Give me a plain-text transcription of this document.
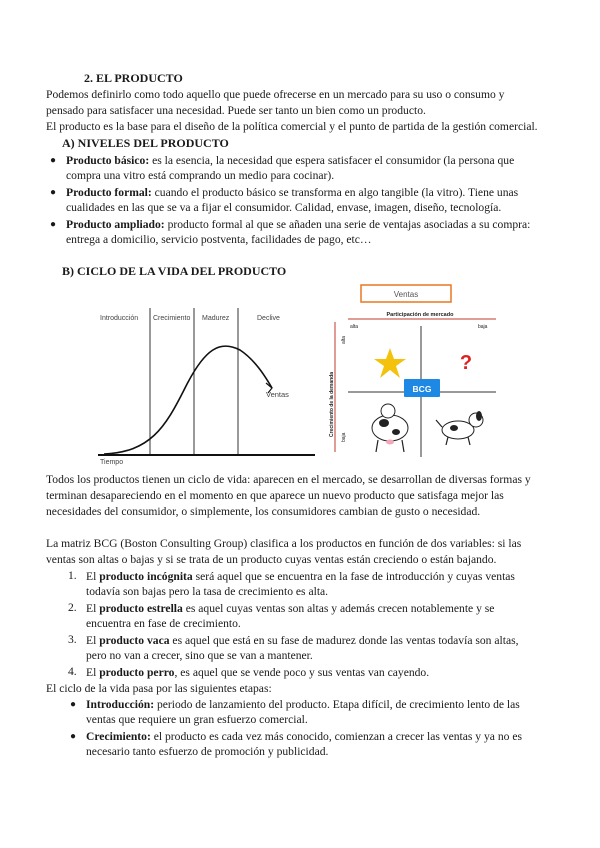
2. EL PRODUCTO
Podemos definirlo como todo aquello que puede ofrecerse en un mercado para su uso o consumo y
pensado para satisfacer una necesidad. Puede ser tanto un bien como un producto.
El producto es la base para el diseño de la política comercial y el punto de partida de la gestión comercial.
A) NIVELES DEL PRODUCTO
● Producto básico: es la esencia, la necesidad que espera satisfacer el consumidor (la persona que
compra una vitro está comprando un medio para cocinar).
● Producto formal: cuando el producto básico se transforma en algo tangible (la vitro). Tiene unas
cualidades en las que se va a fijar el consumidor. Calidad, envase, imagen, diseño, tecnología.
● Producto ampliado: producto formal al que se añaden una serie de ventajas asociadas a su compra:
entrega a domicilio, servicio postventa, facilidades de pago, etc…
B) CICLO DE LA VIDA DEL PRODUCTO
Introducción Crecimiento Madurez	Declive
Ventas
Tiempo
Ventas
Participación de mercado
alta	baja
Crecimiento de la demanda
alta
baja
?
BCG
Todos los productos tienen un ciclo de vida: aparecen en el mercado, se desarrollan de diversas formas y
terminan desapareciendo en el momento en que aparece un nuevo producto que satisfaga mejor las
necesidades del consumidor, o simplemente, los consumidores cambian de gusto o necesidad.
La matriz BCG (Boston Consulting Group) clasifica a los productos en función de dos variables: si las
ventas son altas o bajas y si se trata de un producto cuyas ventas están creciendo o están bajando.
1. El producto incógnita será aquel que se encuentra en la fase de introducción y cuyas ventas
todavía son bajas pero la tasa de crecimiento es alta.
2. El producto estrella es aquel cuyas ventas son altas y además crecen notablemente y se
encuentra en fase de crecimiento.
3. El producto vaca es aquel que está en su fase de madurez donde las ventas todavía son altas,
pero no van a crecer, sino que se van a mantener.
4. El producto perro, es aquel que se vende poco y sus ventas van cayendo.
El ciclo de la vida pasa por las siguientes etapas:
● Introducción: periodo de lanzamiento del producto. Etapa difícil, de crecimiento lento de las
ventas que requiere un gran esfuerzo comercial.
● Crecimiento: el producto es cada vez más conocido, comienzan a crecer las ventas y ya no es
necesario tanto esfuerzo de promoción y publicidad.
